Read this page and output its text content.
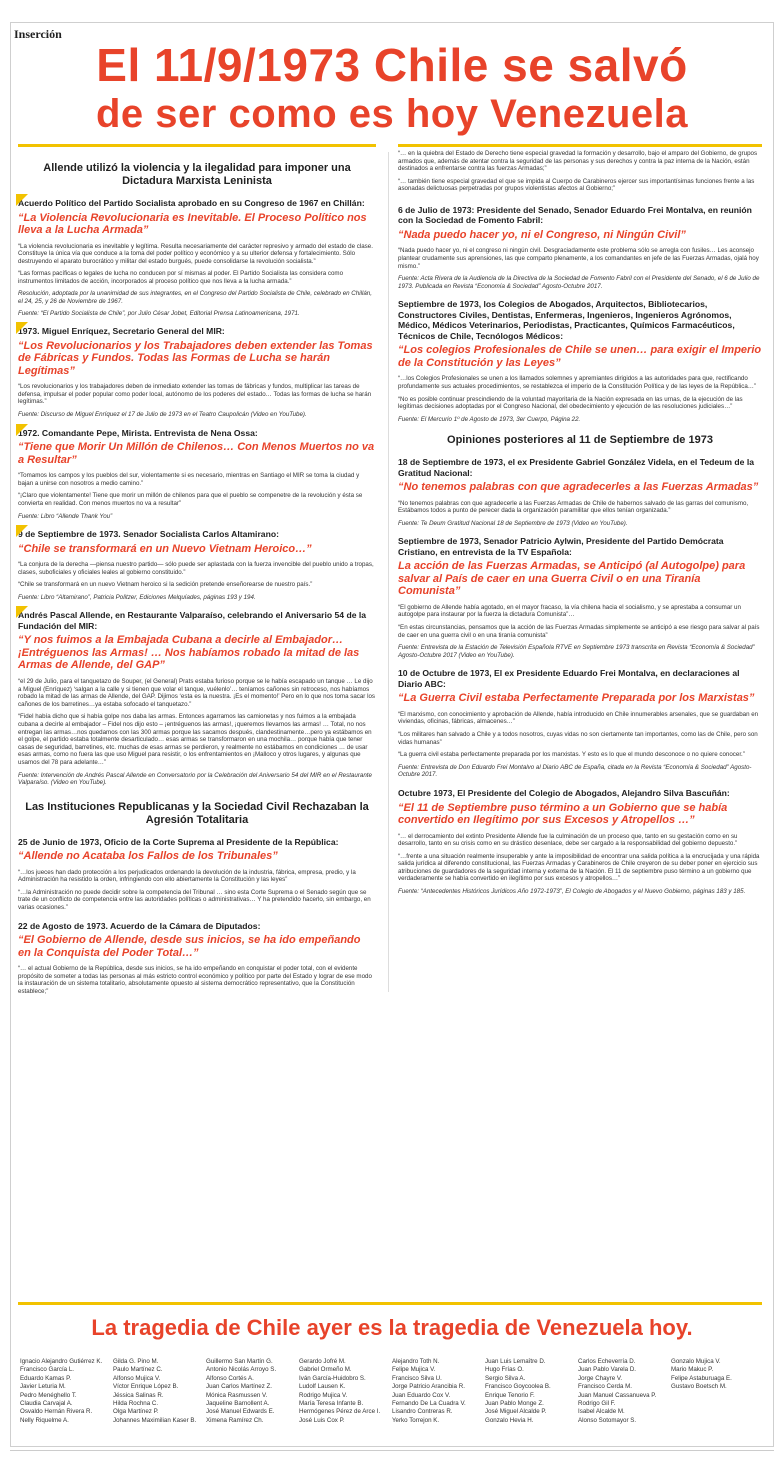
Inserción
El 11/9/1973 Chile se salvó
de ser como es hoy Venezuela
Allende utilizó la violencia y la ilegalidad para imponer una Dictadura Marxista Leninista
Acuerdo Político del Partido Socialista aprobado en su Congreso de 1967 en Chillán:
“La Violencia Revolucionaria es Inevitable. El Proceso Político nos lleva a la Lucha Armada”
“La violencia revolucionaria es inevitable y legítima. Resulta necesariamente del carácter represivo y armado del estado de clase. Constituye la única vía que conduce a la toma del poder político y económico y a su ulterior defensa y fortalecimiento. Sólo destruyendo el aparato burocrático y militar del estado burgués, puede consolidarse la revolución socialista.”
“Las formas pacíficas o legales de lucha no conducen por sí mismas al poder. El Partido Socialista las considera como instrumentos limitados de acción, incorporados al proceso político que nos lleva a la lucha armada.”
Resolución, adoptada por la unanimidad de sus integrantes, en el Congreso del Partido Socialista de Chile, celebrado en Chillán, el 24, 25, y 26 de Noviembre de 1967.
Fuente: “El Partido Socialista de Chile”, por Julio César Jobet, Editorial Prensa Latinoamericana, 1971.
1973. Miguel Enríquez, Secretario General del MIR:
“Los Revolucionarios y los Trabajadores deben extender las Tomas de Fábricas y Fundos. Todas las Formas de Lucha se harán Legítimas”
“Los revolucionarios y los trabajadores deben de inmediato extender las tomas de fábricas y fundos, multiplicar las tareas de defensa, impulsar el poder popular como poder local, autónomo de los poderes del estado… Todas las formas de lucha se harán legítimas.”
Fuente: Discurso de Miguel Enríquez el 17 de Julio de 1973 en el Teatro Caupolicán (Video en YouTube).
1972. Comandante Pepe, Mirista. Entrevista de Nena Ossa:
“Tiene que Morir Un Millón de Chilenos… Con Menos Muertos no va a Resultar”
“Tomamos los campos y los pueblos del sur, violentamente si es necesario, mientras en Santiago el MIR se toma la ciudad y bajan a unirse con nosotros a medio camino.”
“¡Claro que violentamente! Tiene que morir un millón de chilenos para que el pueblo se compenetre de la revolución y ésta se convierta en realidad. Con menos muertos no va a resultar”
Fuente: Libro “Allende Thank You”
9 de Septiembre de 1973. Senador Socialista Carlos Altamirano:
“Chile se transformará en un Nuevo Vietnam Heroico…”
“La conjura de la derecha —piensa nuestro partido— sólo puede ser aplastada con la fuerza invencible del pueblo unido a tropas, clases, suboficiales y oficiales leales al gobierno constituido.”
“Chile se transformará en un nuevo Vietnam heroico si la sedición pretende enseñorearse de nuestro país.”
Fuente: Libro “Altamirano”, Patricia Politzer, Ediciones Melquíades, páginas 193 y 194.
Andrés Pascal Allende, en Restaurante Valparaíso, celebrando el Aniversario 54 de la Fundación del MIR:
“Y nos fuimos a la Embajada Cubana a decirle al Embajador… ¡Entréguenos las Armas! … Nos habíamos robado la mitad de las Armas de Allende, del GAP”
“el 29 de Julio, para el tanquetazo de Souper, (el General) Prats estaba furioso porque se le había escapado un tanque … Le dijo a Miguel (Enríquez) ‘salgan a la calle y si tienen que volar el tanque, vuélenlo’… teníamos cañones sin retroceso, nos habíamos robado la mitad de las armas de Allende, del GAP. Dijimos ‘esta es la nuestra. ¡Es el momento!’ Pero en lo que nos toma sacar los cañones de los barretines…ya estaba sofocado el tanquetazo.”
“Fidel había dicho que si había golpe nos daba las armas. Entonces agarramos las camionetas y nos fuimos a la embajada cubana a decirle al embajador – Fidel nos dijo esto – ¡entréguenos las armas!, ¡queremos llevarnos las armas! … Total, no nos entregan las armas…nos quedamos con las 300 armas porque las sacamos después, clandestinamente…pero ya estábamos en el golpe, el partido estaba totalmente desarticulado… esas armas se transformaron en una mochila… porque había que tener casas de seguridad, barretines, etc. muchas de esas armas se perdieron, y realmente no estábamos en condiciones … de usar esas armas, como no fuera las que uso Miguel para resistir, o los enfrentamientos en ¡Malloco y otros lugares, y algunas que usamos del 78 para adelante…”
Fuente: Intervención de Andrés Pascal Allende en Conversatorio por la Celebración del Aniversario 54 del MIR en el Restaurante Valparaíso. (Video en YouTube).
Las Instituciones Republicanas y la Sociedad Civil Rechazaban la Agresión Totalitaria
25 de Junio de 1973, Oficio de la Corte Suprema al Presidente de la República:
“Allende no Acataba los Fallos de los Tribunales”
“…los jueces han dado protección a los perjudicados ordenando la devolución de la industria, fábrica, empresa, predio, y la Administración ha resistido la orden, infringiendo con ello abiertamente la Constitución y las leyes”
“…la Administración no puede decidir sobre la competencia del Tribunal … sino esta Corte Suprema o el Senado según que se trate de un conflicto de competencia entre las autoridades políticas o administrativas… Y ha pretendido hacerlo, sin embargo, en varias ocasiones.”
22 de Agosto de 1973. Acuerdo de la Cámara de Diputados:
“El Gobierno de Allende, desde sus inicios, se ha ido empeñando en la Conquista del Poder Total…”
“… el actual Gobierno de la República, desde sus inicios, se ha ido empeñando en conquistar el poder total, con el evidente propósito de someter a todas las personas al más estricto control económico y político por parte del Estado y lograr de ese modo la instauración de un sistema totalitario, absolutamente opuesto al sistema democrático representativo, que la Constitución establece;”
“… en la quiebra del Estado de Derecho tiene especial gravedad la formación y desarrollo, bajo el amparo del Gobierno, de grupos armados que, además de atentar contra la seguridad de las personas y sus derechos y contra la paz interna de la Nación, están destinados a enfrentarse contra las fuerzas Armadas;”
“… también tiene especial gravedad el que se impida al Cuerpo de Carabineros ejercer sus importantísimas funciones frente a las asonadas delictuosas perpetradas por grupos violentistas afectos al Gobierno;”
6 de Julio de 1973: Presidente del Senado, Senador Eduardo Frei Montalva, en reunión con la Sociedad de Fomento Fabril:
“Nada puedo hacer yo, ni el Congreso, ni Ningún Civil”
“Nada puedo hacer yo, ni el congreso ni ningún civil. Desgraciadamente este problema sólo se arregla con fusiles… Les aconsejo plantear crudamente sus aprensiones, las que comparto plenamente, a los comandantes en jefe de las Fuerzas Armadas, ojalá hoy mismo.”
Fuente: Acta Rivera de la Audiencia de la Directiva de la Sociedad de Fomento Fabril con el Presidente del Senado, el 6 de Julio de 1973. Publicada en Revista “Economía & Sociedad” Agosto-Octubre 2017.
Septiembre de 1973, los Colegios de Abogados, Arquitectos, Bibliotecarios, Constructores Civiles, Dentistas, Enfermeras, Ingenieros, Ingenieros Agrónomos, Médico, Médicos Veterinarios, Periodistas, Practicantes, Químicos Farmacéuticos, Técnicos de Chile, Tecnólogos Médicos:
“Los colegios Profesionales de Chile se unen… para exigir el Imperio de la Constitución y las Leyes”
“…los Colegios Profesionales se unen a los llamados solemnes y apremiantes dirigidos a las autoridades para que, rectificando profundamente sus actuales procedimientos, se restablezca el imperio de la Constitución Política y de las leyes de la República…”
“No es posible continuar prescindiendo de la voluntad mayoritaria de la Nación expresada en las urnas, de la ejecución de las legítimas decisiones adoptadas por el Congreso Nacional, del obedecimiento y ejecución de las resoluciones judiciales…”
Fuente: El Mercurio 1º de Agosto de 1973, 3er Cuerpo, Página 22.
Opiniones posteriores al 11 de Septiembre de 1973
18 de Septiembre de 1973, el ex Presidente Gabriel González Videla, en el Tedeum de la Gratitud Nacional:
“No tenemos palabras con que agradecerles a las Fuerzas Armadas”
“No tenemos palabras con que agradecerle a las Fuerzas Armadas de Chile de habernos salvado de las garras del comunismo, Estábamos todos a punto de perecer dada la organización paramilitar que ellos tenían organizada.”
Fuente: Te Deum Gratitud Nacional 18 de Septiembre de 1973 (Video en YouTube).
Septiembre de 1973, Senador Patricio Aylwin, Presidente del Partido Demócrata Cristiano, en entrevista de la TV Española:
La acción de las Fuerzas Armadas, se Anticipó (al Autogolpe) para salvar al País de caer en una Guerra Civil o en una Tiranía Comunista”
“El gobierno de Allende había agotado, en el mayor fracaso, la vía chilena hacia el socialismo, y se aprestaba a consumar un autogolpe para instaurar por la fuerza la dictadura Comunista”…
“En estas circunstancias, pensamos que la acción de las Fuerzas Armadas simplemente se anticipó a ese riesgo para salvar al país de caer en una guerra civil o en una tiranía comunista”
Fuente: Entrevista de la Estación de Televisión Española RTVE en Septiembre 1973 transcrita en Revista “Economía & Sociedad” Agosto-Octubre 2017 (Video en YouTube).
10 de Octubre de 1973, El ex Presidente Eduardo Frei Montalva, en declaraciones al Diario ABC:
“La Guerra Civil estaba Perfectamente Preparada por los Marxistas”
“El marxismo, con conocimiento y aprobación de Allende, había introducido en Chile innumerables arsenales, que se guardaban en viviendas, oficinas, fábricas, almacenes…”
“Los militares han salvado a Chile y a todos nosotros, cuyas vidas no son ciertamente tan importantes, como las de Chile, pero son vidas humanas”
“La guerra civil estaba perfectamente preparada por los marxistas. Y esto es lo que el mundo desconoce o no quiere conocer.”
Fuente: Entrevista de Don Eduardo Frei Montalvo al Diario ABC de España, citada en la Revista “Economía & Sociedad” Agosto-Octubre 2017.
Octubre 1973, El Presidente del Colegio de Abogados, Alejandro Silva Bascuñán:
“El 11 de Septiembre puso término a un Gobierno que se había convertido en Ilegítimo por sus Excesos y Atropellos …”
“… el derrocamiento del extinto Presidente Allende fue la culminación de un proceso que, tanto en su gestación como en su desarrollo, tanto en su crisis como en su drástico desenlace, debe ser cargado a la responsabilidad del gobierno depuesto.”
“…frente a una situación realmente insuperable y ante la imposibilidad de encontrar una salida política a la encrucijada y una rápida salida jurídica al diferendo constitucional, las Fuerzas Armadas y Carabineros de Chile creyeron de su deber poner en ejercicio sus atribuciones de guardadores de la seguridad interna y externa de la Nación. El 11 de septiembre puso término a un gobierno que verdaderamente se había convertido en ilegítimo por sus excesos y atropellos…”
Fuente: “Antecedentes Históricos Jurídicos Año 1972-1973”, El Colegio de Abogados y el Nuevo Gobierno, páginas 183 y 185.
La tragedia de Chile ayer es la tragedia de Venezuela hoy.
Ignacio Alejandro Gutiérrez K.
Francisco García L.
Eduardo Kamas P.
Javier Leturia M.
Pedro Menéghello T.
Claudia Carvajal A.
Osvaldo Hernán Rivera R.
Nelly Riquelme A.
Gilda G. Pino M.
Paulo Martínez C.
Alfonso Mujica V.
Víctor Enrique López B.
Jéssica Salinas R.
Hilda Rochna C.
Olga Martínez P.
Johannes Maximilian Kaser B.
Guillermo San Martín G.
Antonio Nicolás Arroyo S.
Alfonso Cortés A.
Juan Carlos Martínez Z.
Mónica Rasmussen V.
Jaqueline Barnollent A.
José Manuel Edwards E.
Ximena Ramírez Ch.
Gerardo Jofré M.
Gabriel Ormeño M.
Iván García-Huidobro S.
Ludolf Lausen K.
Rodrigo Mujica V.
María Teresa Infante B.
Hermógenes Pérez de Arce I.
José Luis Cox P.
Alejandro Toth N.
Felipe Mujica V.
Francisco Silva U.
Jorge Patricio Arancibia R.
Juan Eduardo Cox V.
Fernando De La Cuadra V.
Lisandro Contreras R.
Yerko Torrejon K.
Juan Luis Lemaître D.
Hugo Frías O.
Sergio Silva A.
Francisco Goycoolea B.
Enrique Tenorio F.
Juan Pablo Monge Z.
José Miguel Alcalde P.
Gonzalo Hevia H.
Carlos Echeverría D.
Juan Pablo Varela D.
Jorge Chayre V.
Francisco Cerda M.
Juan Manuel Cassanueva P.
Rodrigo Gil F.
Isabel Alcalde M.
Alonso Sotomayor S.
Gonzalo Mujica V.
Mario Makuc P.
Felipe Astaburuaga E.
Gustavo Boetsch M.
